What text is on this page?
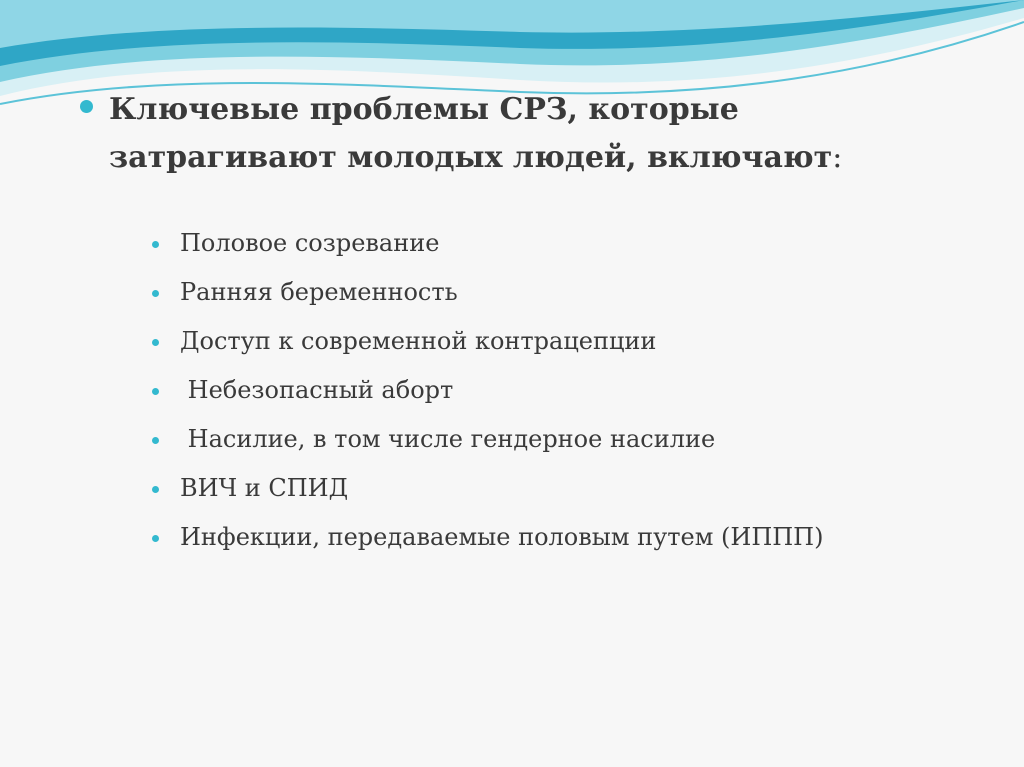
Ключевые проблемы СРЗ, которые затрагивают молодых людей, включают:
Половое созревание
Ранняя беременность
Доступ к современной контрацепции
Небезопасный аборт
Насилие, в том числе гендерное насилие
ВИЧ и СПИД
Инфекции, передаваемые половым путем (ИППП)
